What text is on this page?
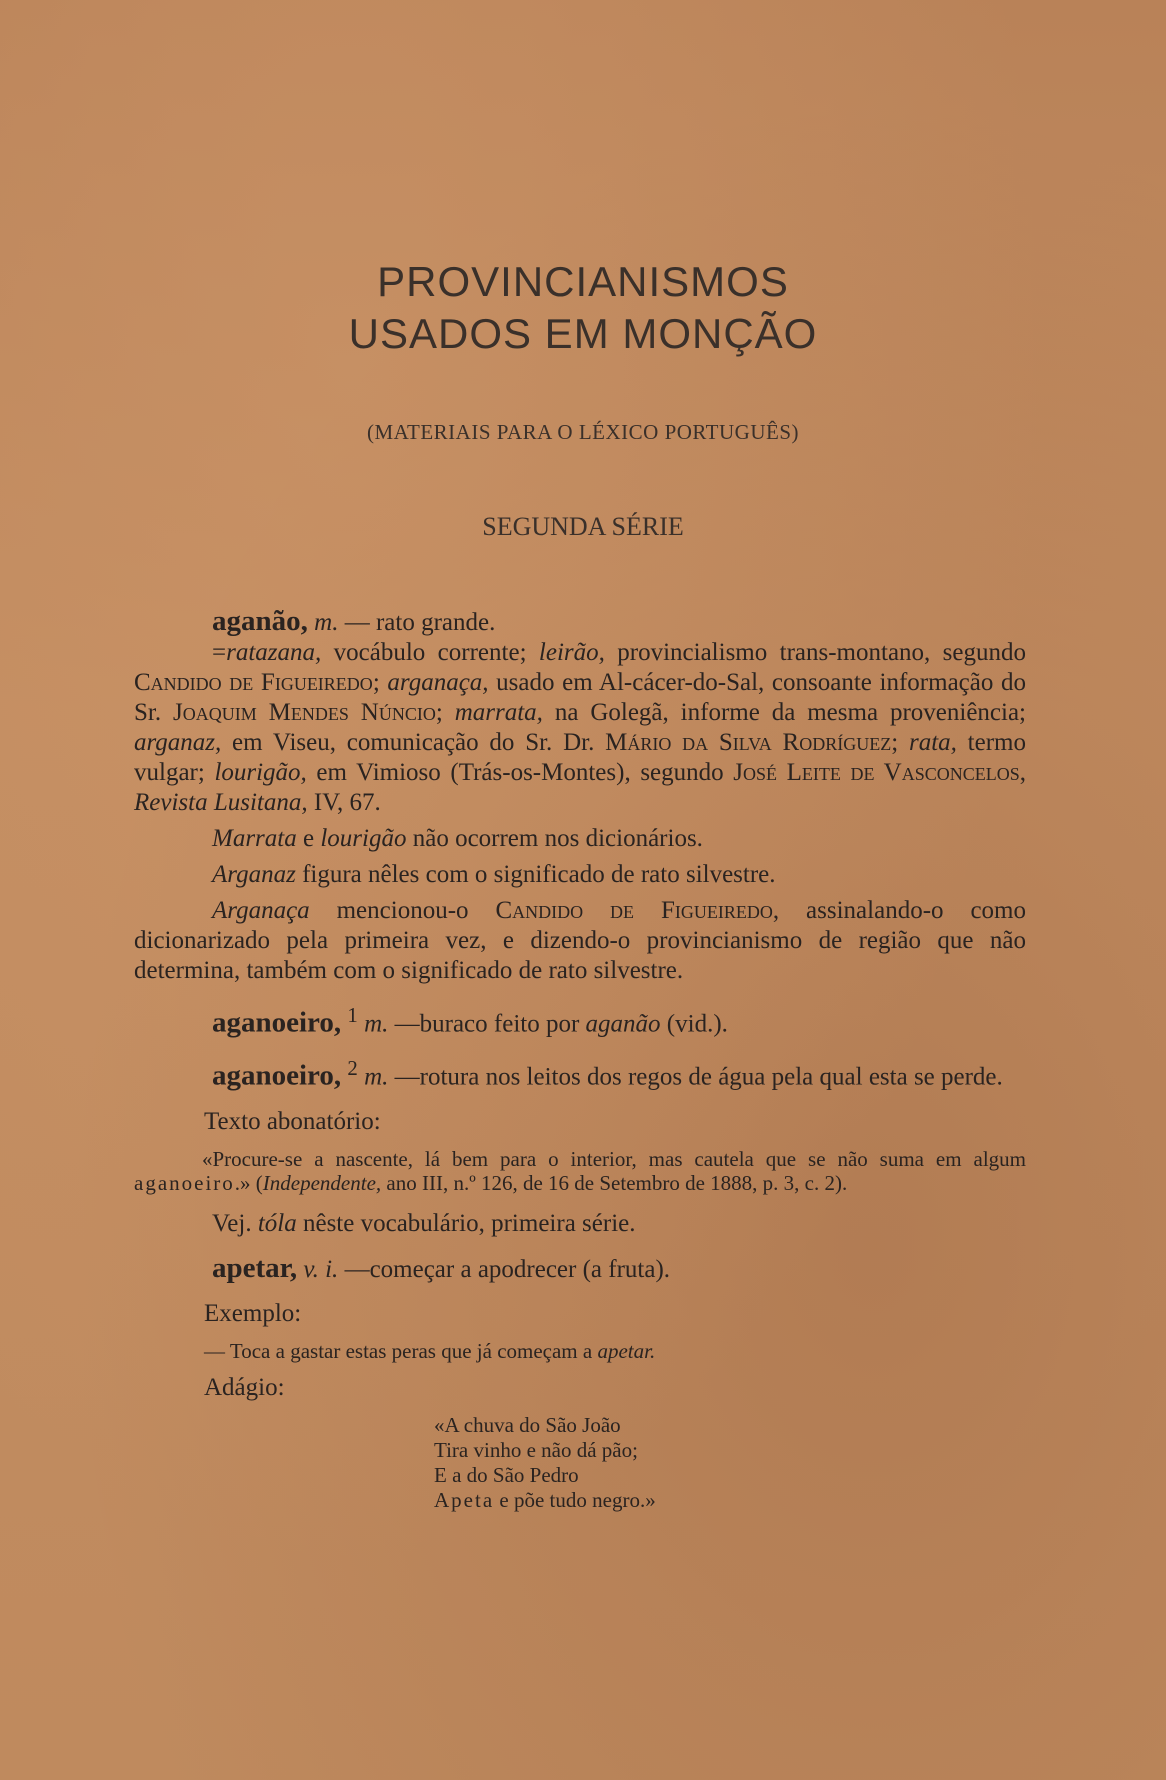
PROVINCIANISMOS
USADOS EM MONÇÃO
(MATERIAIS PARA O LÉXICO PORTUGUÊS)
SEGUNDA SÉRIE

aganão, m. — rato grande.

=ratazana, vocábulo corrente; leirão, provincialismo trans-montano, segundo Candido de Figueiredo; arganaça, usado em Al-cácer-do-Sal, consoante informação do Sr. Joaquim Mendes Núncio; marrata, na Golegã, informe da mesma proveniência; arganaz, em Viseu, comunicação do Sr. Dr. Mário da Silva Rodríguez; rata, termo vulgar; lourigão, em Vimioso (Trás-os-Montes), segundo José Leite de Vasconcelos, Revista Lusitana, IV, 67.

Marrata e lourigão não ocorrem nos dicionários.

Arganaz figura nêles com o significado de rato silvestre.

Arganaça mencionou-o Candido de Figueiredo, assinalando-o como dicionarizado pela primeira vez, e dizendo-o provincianismo de região que não determina, também com o significado de rato silvestre.

aganoeiro, $^1$ m. —buraco feito por aganão (vid.).

aganoeiro, $^2$ m. —rotura nos leitos dos regos de água pela qual esta se perde.

Texto abonatório:

«Procure-se a nascente, lá bem para o interior, mas cautela que se não suma em algum aganoeiro.» (Independente, ano III, n.º 126, de 16 de Setembro de 1888, p. 3, c. 2).

Vej. tóla nêste vocabulário, primeira série.

apetar, v. i. —começar a apodrecer (a fruta).

Exemplo:

— Toca a gastar estas peras que já começam a apetar.

Adágio:

«A chuva do São João
Tira vinho e não dá pão;
E a do São Pedro
Apeta e põe tudo negro.»
